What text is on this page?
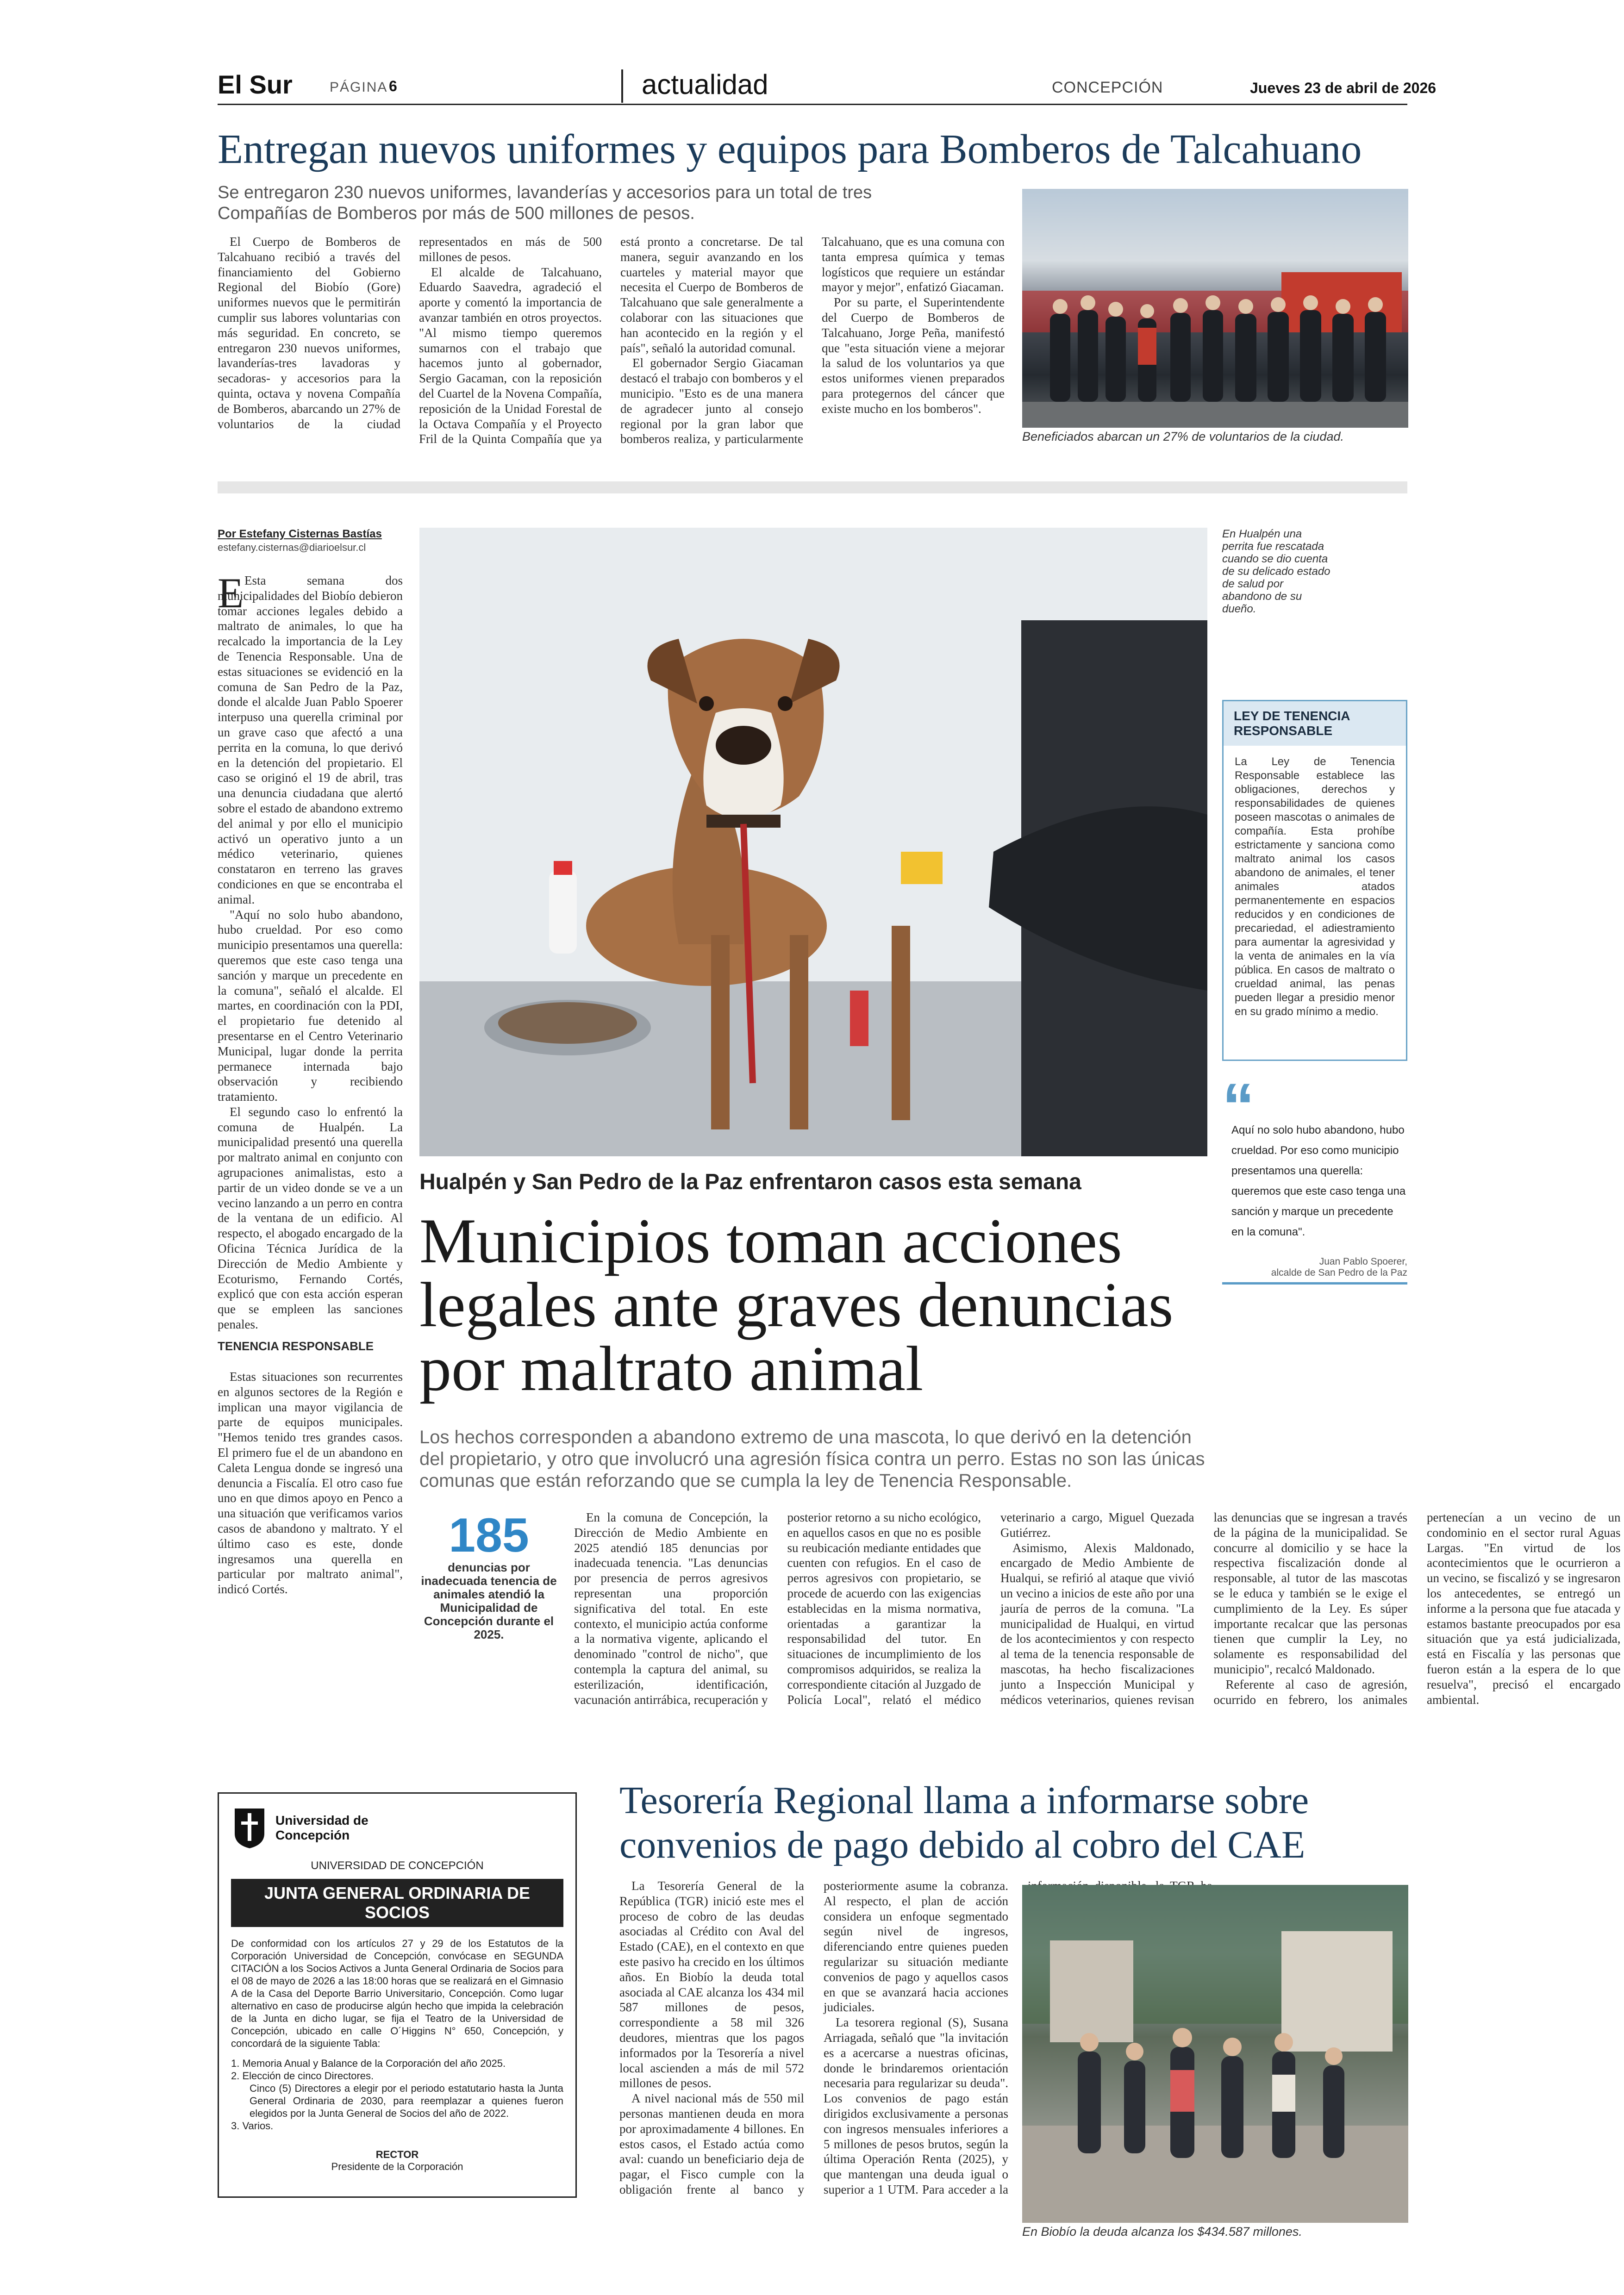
El Sur	PÁGINA 6	actualidad	CONCEPCIÓN	Jueves 23 de abril de 2026
Entregan nuevos uniformes y equipos para Bomberos de Talcahuano
Se entregaron 230 nuevos uniformes, lavanderías y accesorios para un total de tres Compañías de Bomberos por más de 500 millones de pesos.

El Cuerpo de Bomberos de Talcahuano recibió a través del financiamiento del Gobierno Regional del Biobío (Gore) uniformes nuevos que le permitirán cumplir sus labores voluntarias con más seguridad. En concreto, se entregaron 230 nuevos uniformes, lavanderías-tres lavadoras y secadoras- y accesorios para la quinta, octava y novena Compañía de Bomberos, abarcando un 27% de voluntarios de la ciudad representados en más de 500 millones de pesos.

El alcalde de Talcahuano, Eduardo Saavedra, agradeció el aporte y comentó la importancia de avanzar también en otros proyectos. "Al mismo tiempo queremos sumarnos con el trabajo que hacemos junto al gobernador, Sergio Gacaman, con la reposición del Cuartel de la Novena Compañía, reposición de la Unidad Forestal de la Octava Compañía y el Proyecto Fril de la Quinta Compañía que ya está pronto a concretarse. De tal manera, seguir avanzando en los cuarteles y material mayor que necesita el Cuerpo de Bomberos de Talcahuano que sale generalmente a colaborar con las situaciones que han acontecido en la región y el país", señaló la autoridad comunal.

El gobernador Sergio Giacaman destacó el trabajo con bomberos y el municipio. "Esto es de una manera de agradecer junto al consejo regional por la gran labor que bomberos realiza, y particularmente Talcahuano, que es una comuna con tanta empresa química y temas logísticos que requiere un estándar mayor y mejor", enfatizó Giacaman.

Por su parte, el Superintendente del Cuerpo de Bomberos de Talcahuano, Jorge Peña, manifestó que "esta situación viene a mejorar la salud de los voluntarios ya que estos uniformes vienen preparados para protegernos del cáncer que existe mucho en los bomberos".

Beneficiados abarcan un 27% de voluntarios de la ciudad.
Por Estefany Cisternas Bastías
estefany.cisternas@diarioelsur.cl

E Esta semana dos municipalidades del Biobío debieron tomar acciones legales debido a maltrato de animales, lo que ha recalcado la importancia de la Ley de Tenencia Responsable. Una de estas situaciones se evidenció en la comuna de San Pedro de la Paz, donde el alcalde Juan Pablo Spoerer interpuso una querella criminal por un grave caso que afectó a una perrita en la comuna, lo que derivó en la detención del propietario. El caso se originó el 19 de abril, tras una denuncia ciudadana que alertó sobre el estado de abandono extremo del animal y por ello el municipio activó un operativo junto a un médico veterinario, quienes constataron en terreno las graves condiciones en que se encontraba el animal.

"Aquí no solo hubo abandono, hubo crueldad. Por eso como municipio presentamos una querella: queremos que este caso tenga una sanción y marque un precedente en la comuna", señaló el alcalde. El martes, en coordinación con la PDI, el propietario fue detenido al presentarse en el Centro Veterinario Municipal, lugar donde la perrita permanece internada bajo observación y recibiendo tratamiento.

El segundo caso lo enfrentó la comuna de Hualpén. La municipalidad presentó una querella por maltrato animal en conjunto con agrupaciones animalistas, esto a partir de un video donde se ve a un vecino lanzando a un perro en contra de la ventana de un edificio. Al respecto, el abogado encargado de la Oficina Técnica Jurídica de la Dirección de Medio Ambiente y Ecoturismo, Fernando Cortés, explicó que con esta acción esperan que se empleen las sanciones penales.

TENENCIA RESPONSABLE

En Hualpén una perrita fue rescatada cuando se dio cuenta de su delicado estado de salud por abandono de su dueño.
LEY DE TENENCIA RESPONSABLE
La Ley de Tenencia Responsable establece las obligaciones, derechos y responsabilidades de quienes poseen mascotas o animales de compañía. Esta prohíbe estrictamente y sanciona como maltrato animal los casos abandono de animales, el tener animales atados permanentemente en espacios reducidos y en condiciones de precariedad, el adiestramiento para aumentar la agresividad y la venta de animales en la vía pública. En casos de maltrato o crueldad animal, las penas pueden llegar a presidio menor en su grado mínimo a medio.
“
Aquí no solo hubo abandono, hubo crueldad. Por eso como municipio presentamos una querella: queremos que este caso tenga una sanción y marque un precedente en la comuna".
Juan Pablo Spoerer,
alcalde de San Pedro de la Paz
Hualpén y San Pedro de la Paz enfrentaron casos esta semana
Municipios toman acciones legales ante graves denuncias por maltrato animal
Los hechos corresponden a abandono extremo de una mascota, lo que derivó en la detención del propietario, y otro que involucró una agresión física contra un perro. Estas no son las únicas comunas que están reforzando que se cumpla la ley de Tenencia Responsable.
185
denuncias por inadecuada tenencia de animales atendió la Municipalidad de Concepción durante el 2025.

Estas situaciones son recurrentes en algunos sectores de la Región e implican una mayor vigilancia de parte de equipos municipales. "Hemos tenido tres grandes casos. El primero fue el de un abandono en Caleta Lengua donde se ingresó una denuncia a Fiscalía. El otro caso fue uno en que dimos apoyo en Penco a una situación que verificamos varios casos de abandono y maltrato. Y el último caso es este, donde ingresamos una querella en particular por maltrato animal", indicó Cortés.

En la comuna de Concepción, la Dirección de Medio Ambiente en 2025 atendió 185 denuncias por inadecuada tenencia. "Las denuncias por presencia de perros agresivos representan una proporción significativa del total. En este contexto, el municipio actúa conforme a la normativa vigente, aplicando el denominado "control de nicho", que contempla la captura del animal, su esterilización, identificación, vacunación antirrábica, recuperación y posterior retorno a su nicho ecológico, en aquellos casos en que no es posible su reubicación mediante entidades que cuenten con refugios. En el caso de perros agresivos con propietario, se procede de acuerdo con las exigencias establecidas en la misma normativa, orientadas a garantizar la responsabilidad del tutor. En situaciones de incumplimiento de los compromisos adquiridos, se realiza la correspondiente citación al Juzgado de Policía Local", relató el médico veterinario a cargo, Miguel Quezada Gutiérrez.

Asimismo, Alexis Maldonado, encargado de Medio Ambiente de Hualqui, se refirió al ataque que vivió un vecino a inicios de este año por una jauría de perros de la comuna. "La municipalidad de Hualqui, en virtud de los acontecimientos y con respecto al tema de la tenencia responsable de mascotas, ha hecho fiscalizaciones junto a Inspección Municipal y médicos veterinarios, quienes revisan las denuncias que se ingresan a través de la página de la municipalidad. Se concurre al domicilio y se hace la respectiva fiscalización donde al responsable, al tutor de las mascotas se le educa y también se le exige el cumplimiento de la Ley. Es súper importante recalcar que las personas tienen que cumplir la Ley, no solamente es responsabilidad del municipio", recalcó Maldonado.

Referente al caso de agresión, ocurrido en febrero, los animales pertenecían a un vecino de un condominio en el sector rural Aguas Largas. "En virtud de los acontecimientos que le ocurrieron a un vecino, se fiscalizó y se ingresaron los antecedentes, se entregó un informe a la persona que fue atacada y estamos bastante preocupados por esa situación que ya está judicializada, está en Fiscalía y las personas que fueron están a la espera de lo que resuelva", precisó el encargado ambiental.

Universidad de Concepción
UNIVERSIDAD DE CONCEPCIÓN
JUNTA GENERAL ORDINARIA DE SOCIOS
De conformidad con los artículos 27 y 29 de los Estatutos de la Corporación Universidad de Concepción, convócase en SEGUNDA CITACIÓN a los Socios Activos a Junta General Ordinaria de Socios para el 08 de mayo de 2026 a las 18:00 horas que se realizará en el Gimnasio A de la Casa del Deporte Barrio Universitario, Concepción. Como lugar alternativo en caso de producirse algún hecho que impida la celebración de la Junta en dicho lugar, se fija el Teatro de la Universidad de Concepción, ubicado en calle O´Higgins N° 650, Concepción, y concordará de la siguiente Tabla:
1. Memoria Anual y Balance de la Corporación del año 2025.
2. Elección de cinco Directores.
Cinco (5) Directores a elegir por el periodo estatutario hasta la Junta General Ordinaria de 2030, para reemplazar a quienes fueron elegidos por la Junta General de Socios del año de 2022.
3. Varios.
RECTOR
Presidente de la Corporación
Tesorería Regional llama a informarse sobre convenios de pago debido al cobro del CAE

La Tesorería General de la República (TGR) inició este mes el proceso de cobro de las deudas asociadas al Crédito con Aval del Estado (CAE), en el contexto en que este pasivo ha crecido en los últimos años. En Biobío la deuda total asociada al CAE alcanza los 434 mil 587 millones de pesos, correspondiente a 58 mil 326 deudores, mientras que los pagos informados por la Tesorería a nivel local ascienden a más de mil 572 millones de pesos.

A nivel nacional más de 550 mil personas mantienen deuda en mora por aproximadamente 4 billones. En estos casos, el Estado actúa como aval: cuando un beneficiario deja de pagar, el Fisco cumple con la obligación frente al banco y posteriormente asume la cobranza. Al respecto, el plan de acción considera un enfoque segmentado según nivel de ingresos, diferenciando entre quienes pueden regularizar su situación mediante convenios de pago y aquellos casos en que se avanzará hacia acciones judiciales.

La tesorera regional (S), Susana Arriagada, señaló que "la invitación es a acercarse a nuestras oficinas, donde le brindaremos orientación necesaria para regularizar su deuda". Los convenios de pago están dirigidos exclusivamente a personas con ingresos mensuales inferiores a 5 millones de pesos brutos, según la última Operación Renta (2025), y que mantengan una deuda igual o superior a 1 UTM. Para acceder a la

En Biobío la deuda alcanza los $434.587 millones.
